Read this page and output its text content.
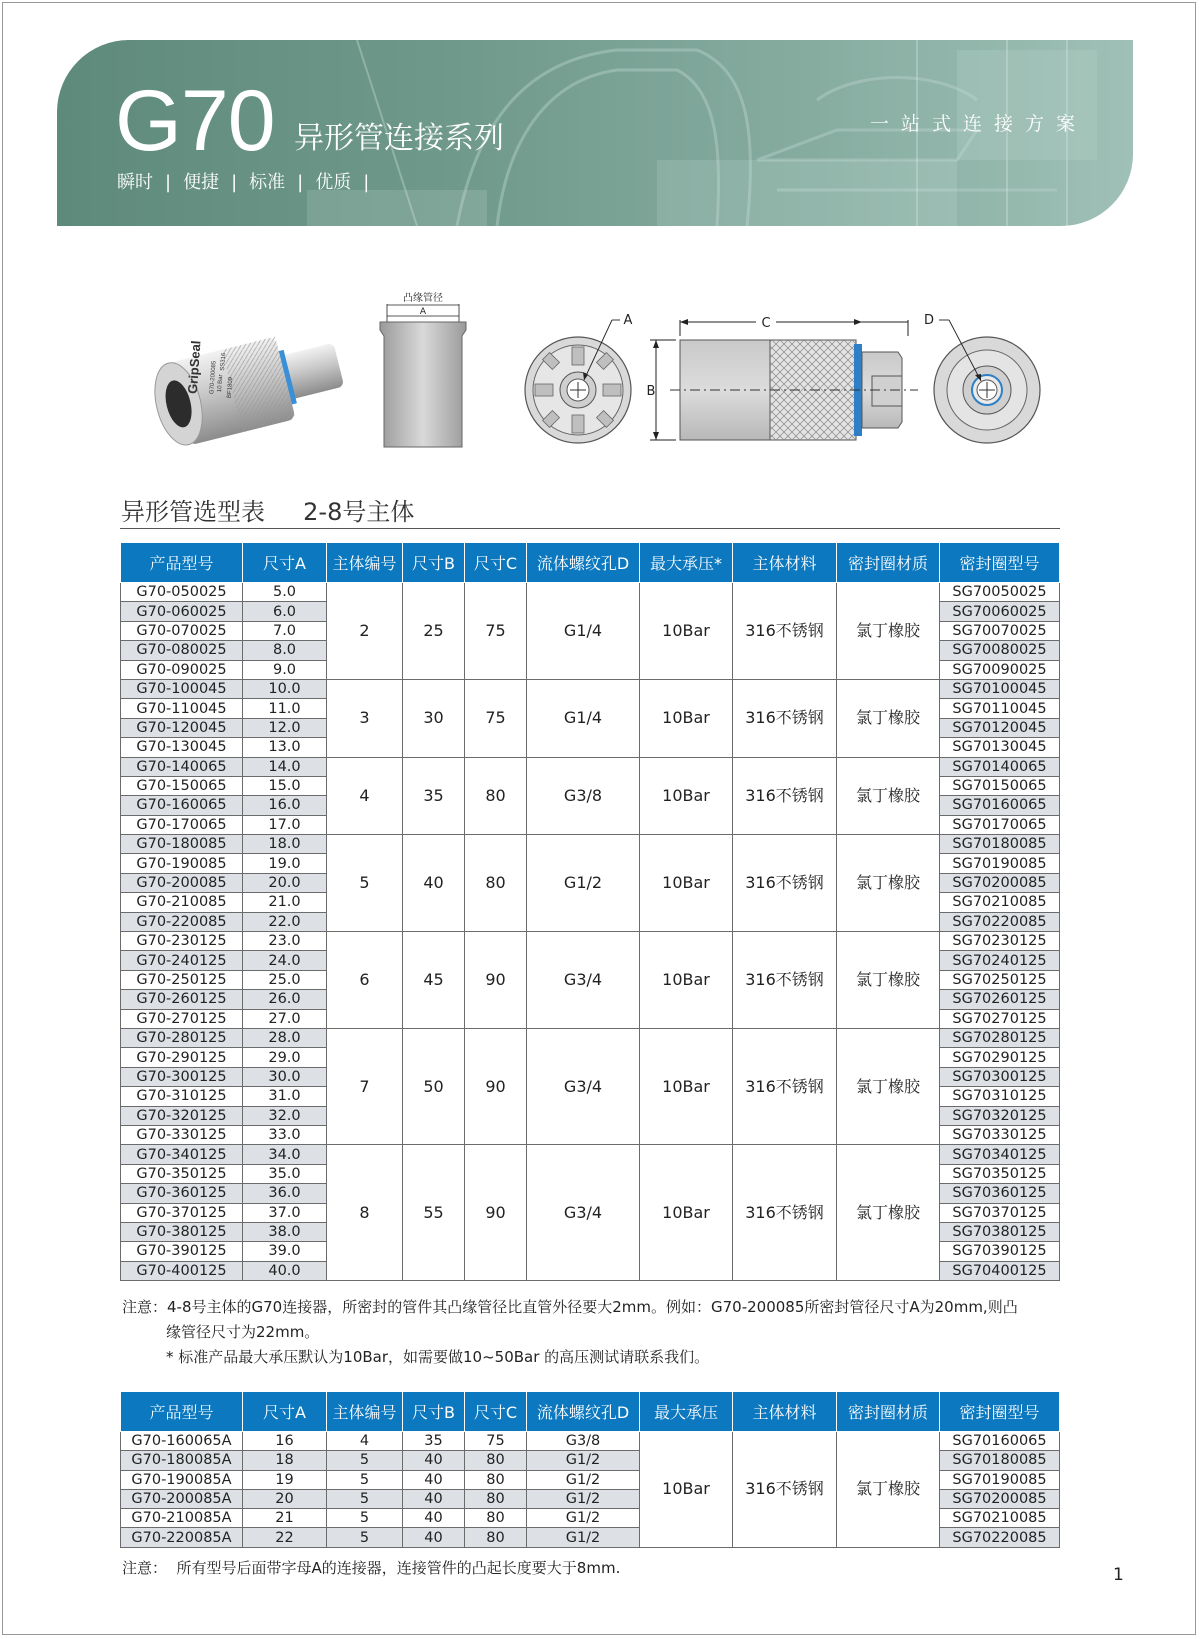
G70 异形管连接系列
瞬时 | 便捷 | 标准 | 优质 |
一站式连接方案
GripSeal G70-200085 10 Bar BF1809
SS316
凸缘管径
A
A	C
B
D
异形管选型表     2-8号主体
产品型号	尺寸A	主体编号	尺寸B	尺寸C	流体螺纹孔D	最大承压*	主体材料	密封圈材质	密封圈型号
G70-050025	5.0	2	25	75	G1/4	10Bar	316不锈钢	氯丁橡胶	SG70050025
G70-060025	6.0								SG70060025
G70-070025	7.0								SG70070025
G70-080025	8.0								SG70080025
G70-090025	9.0								SG70090025
G70-100045	10.0	3	30	75	G1/4	10Bar	316不锈钢	氯丁橡胶	SG70100045
G70-110045	11.0								SG70110045
G70-120045	12.0								SG70120045
G70-130045	13.0								SG70130045
G70-140065	14.0	4	35	80	G3/8	10Bar	316不锈钢	氯丁橡胶	SG70140065
G70-150065	15.0								SG70150065
G70-160065	16.0								SG70160065
G70-170065	17.0								SG70170065
G70-180085	18.0	5	40	80	G1/2	10Bar	316不锈钢	氯丁橡胶	SG70180085
G70-190085	19.0								SG70190085
G70-200085	20.0								SG70200085
G70-210085	21.0								SG70210085
G70-220085	22.0								SG70220085
G70-230125	23.0	6	45	90	G3/4	10Bar	316不锈钢	氯丁橡胶	SG70230125
G70-240125	24.0								SG70240125
G70-250125	25.0								SG70250125
G70-260125	26.0								SG70260125
G70-270125	27.0								SG70270125
G70-280125	28.0	7	50	90	G3/4	10Bar	316不锈钢	氯丁橡胶	SG70280125
G70-290125	29.0								SG70290125
G70-300125	30.0								SG70300125
G70-310125	31.0								SG70310125
G70-320125	32.0								SG70320125
G70-330125	33.0								SG70330125
G70-340125	34.0	8	55	90	G3/4	10Bar	316不锈钢	氯丁橡胶	SG70340125
G70-350125	35.0								SG70350125
G70-360125	36.0								SG70360125
G70-370125	37.0								SG70370125
G70-380125	38.0								SG70380125
G70-390125	39.0								SG70390125
G70-400125	40.0								SG70400125
注意：4-8号主体的G70连接器，所密封的管件其凸缘管径比直管外径要大2mm。例如：G70-200085所密封管径尺寸A为20mm,则凸
缘管径尺寸为22mm。
* 标准产品最大承压默认为10Bar，如需要做10~50Bar 的高压测试请联系我们。
产品型号	尺寸A	主体编号	尺寸B	尺寸C	流体螺纹孔D	最大承压	主体材料	密封圈材质	密封圈型号
G70-160065A	16	4	35	75	G3/8	10Bar	316不锈钢	氯丁橡胶	SG70160065
G70-180085A	18	5	40	80	G1/2				SG70180085
G70-190085A	19	5	40	80	G1/2				SG70190085
G70-200085A	20	5	40	80	G1/2				SG70200085
G70-210085A	21	5	40	80	G1/2				SG70210085
G70-220085A	22	5	40	80	G1/2				SG70220085
注意：  所有型号后面带字母A的连接器，连接管件的凸起长度要大于8mm.	1
